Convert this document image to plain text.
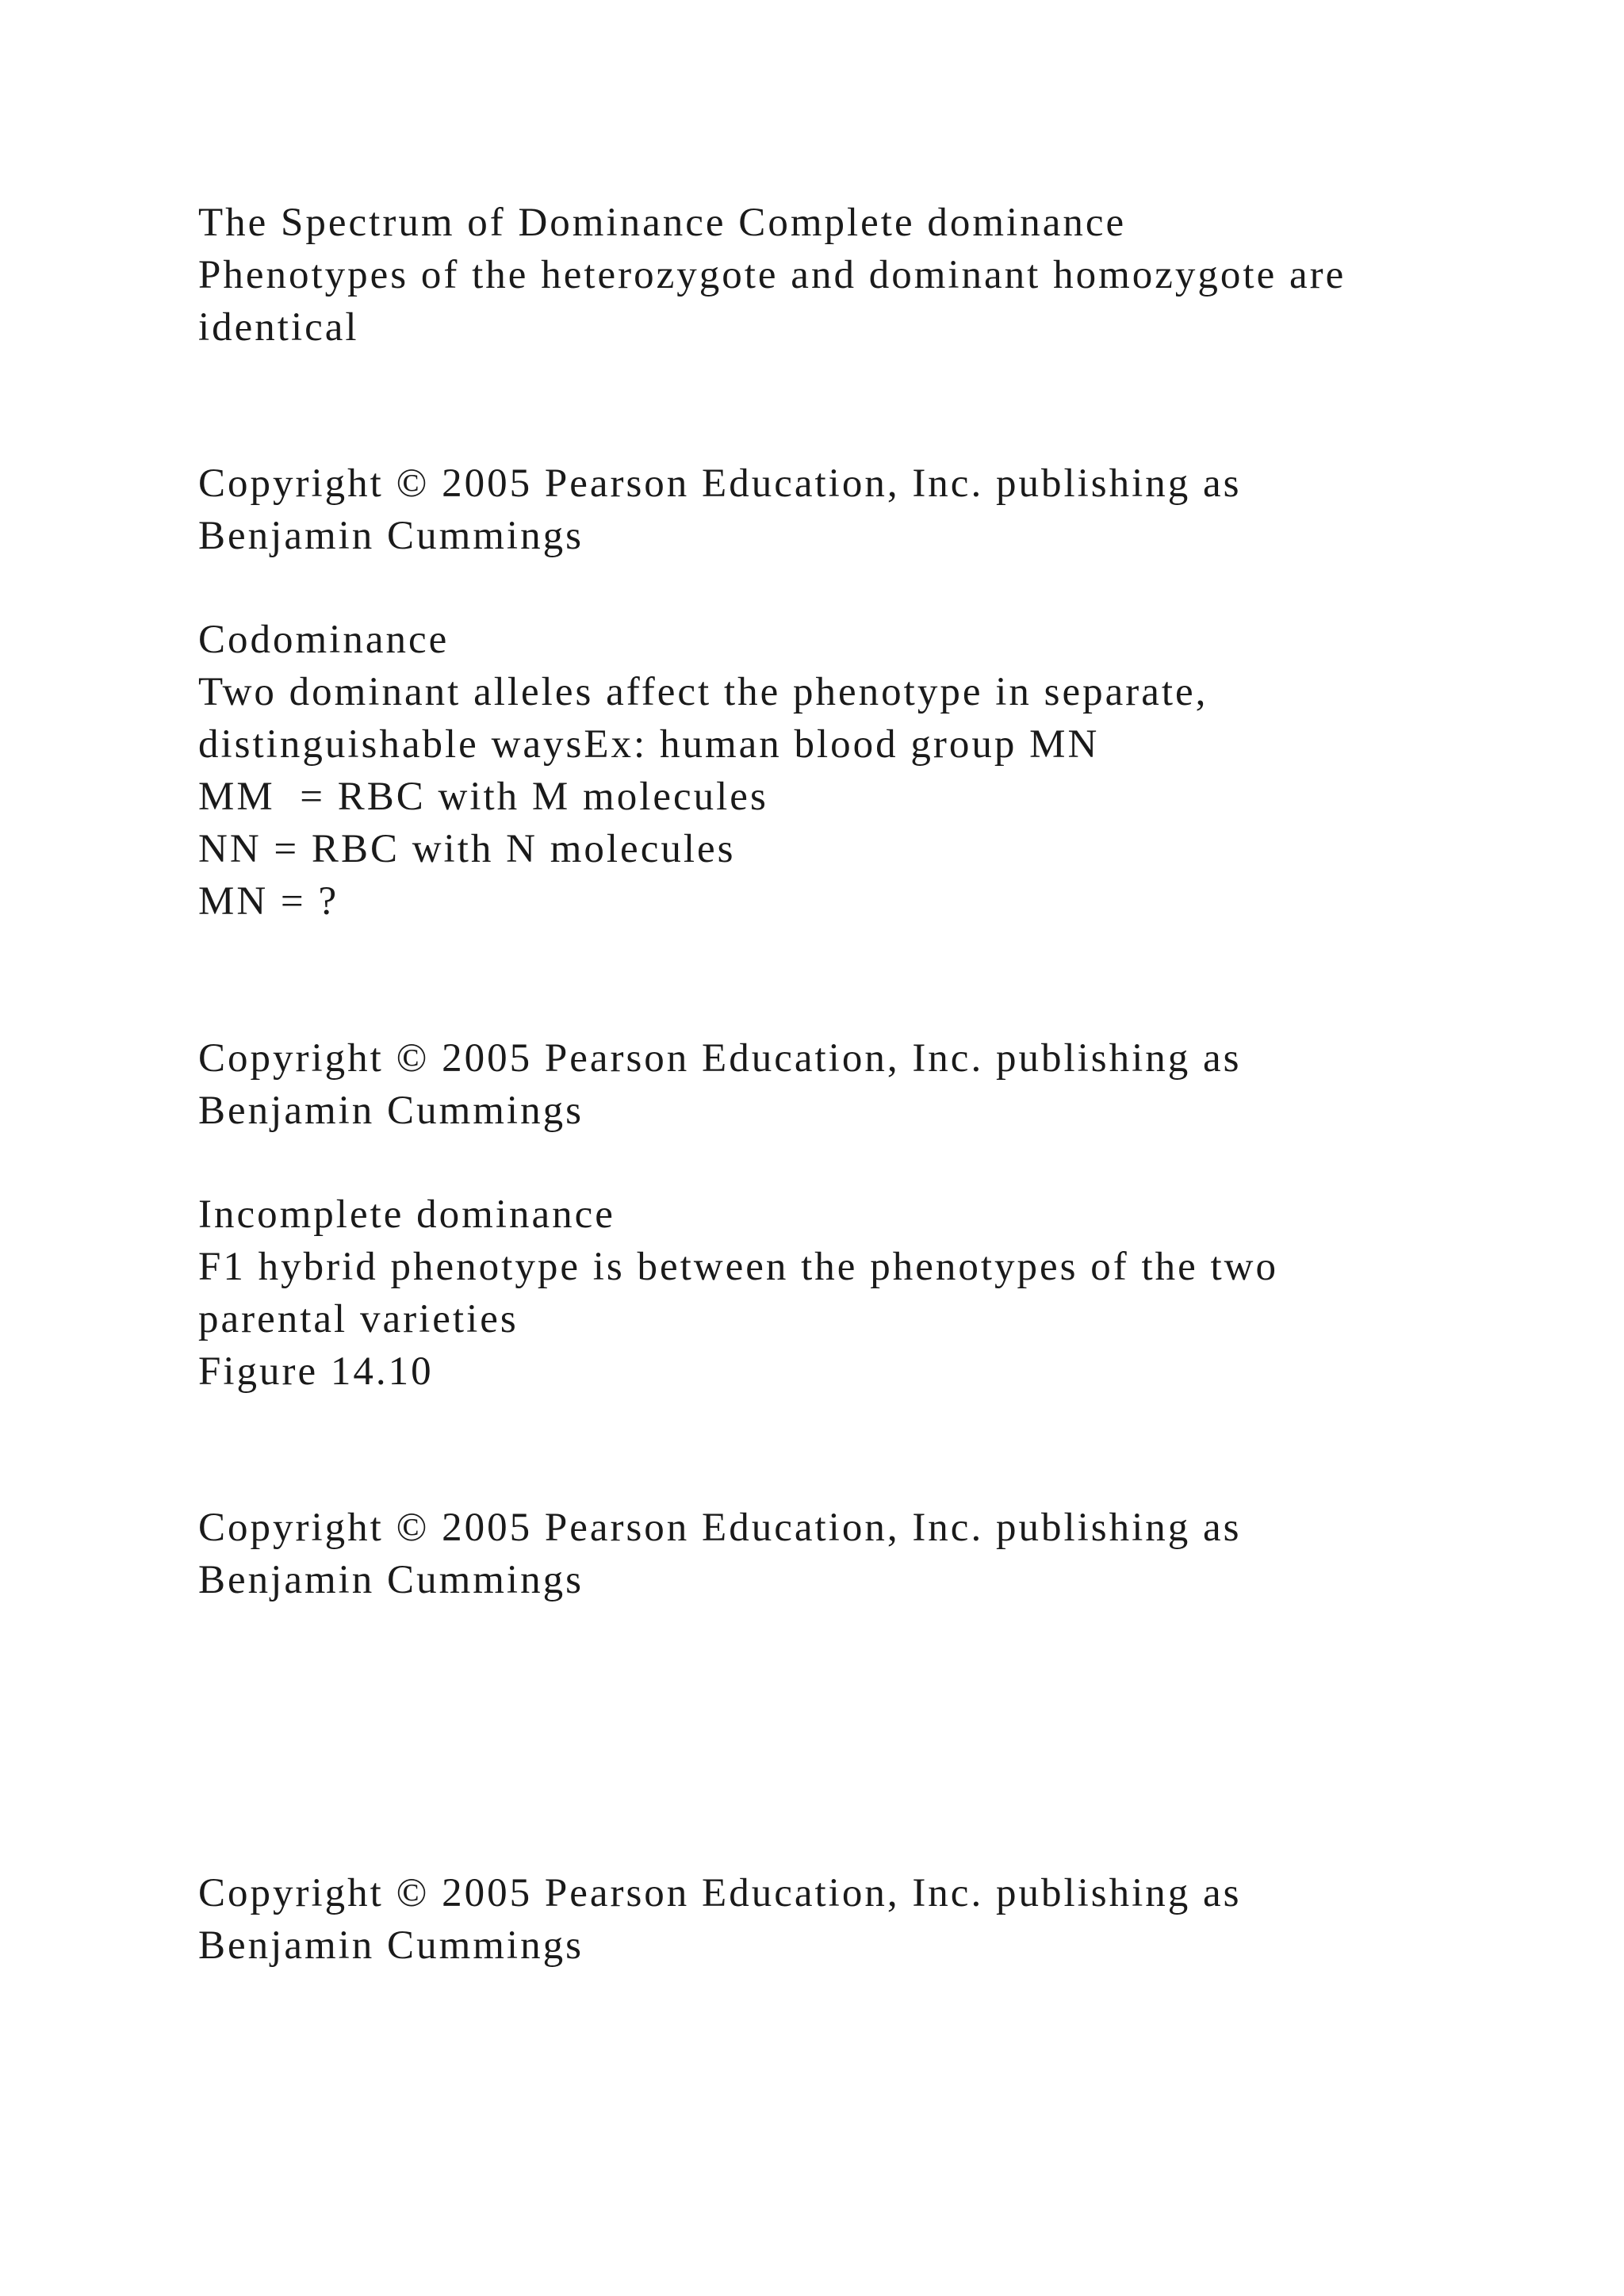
The Spectrum of Dominance Complete dominance

Phenotypes of the heterozygote and dominant homozygote are

identical

Copyright © 2005 Pearson Education, Inc. publishing as

Benjamin Cummings

Codominance

Two dominant alleles affect the phenotype in separate,

distinguishable waysEx: human blood group MN

MM  = RBC with M molecules

NN = RBC with N molecules

MN = ?

Copyright © 2005 Pearson Education, Inc. publishing as

Benjamin Cummings

Incomplete dominance

F1 hybrid phenotype is between the phenotypes of the two

parental varieties

Figure 14.10

Copyright © 2005 Pearson Education, Inc. publishing as

Benjamin Cummings

Copyright © 2005 Pearson Education, Inc. publishing as

Benjamin Cummings
